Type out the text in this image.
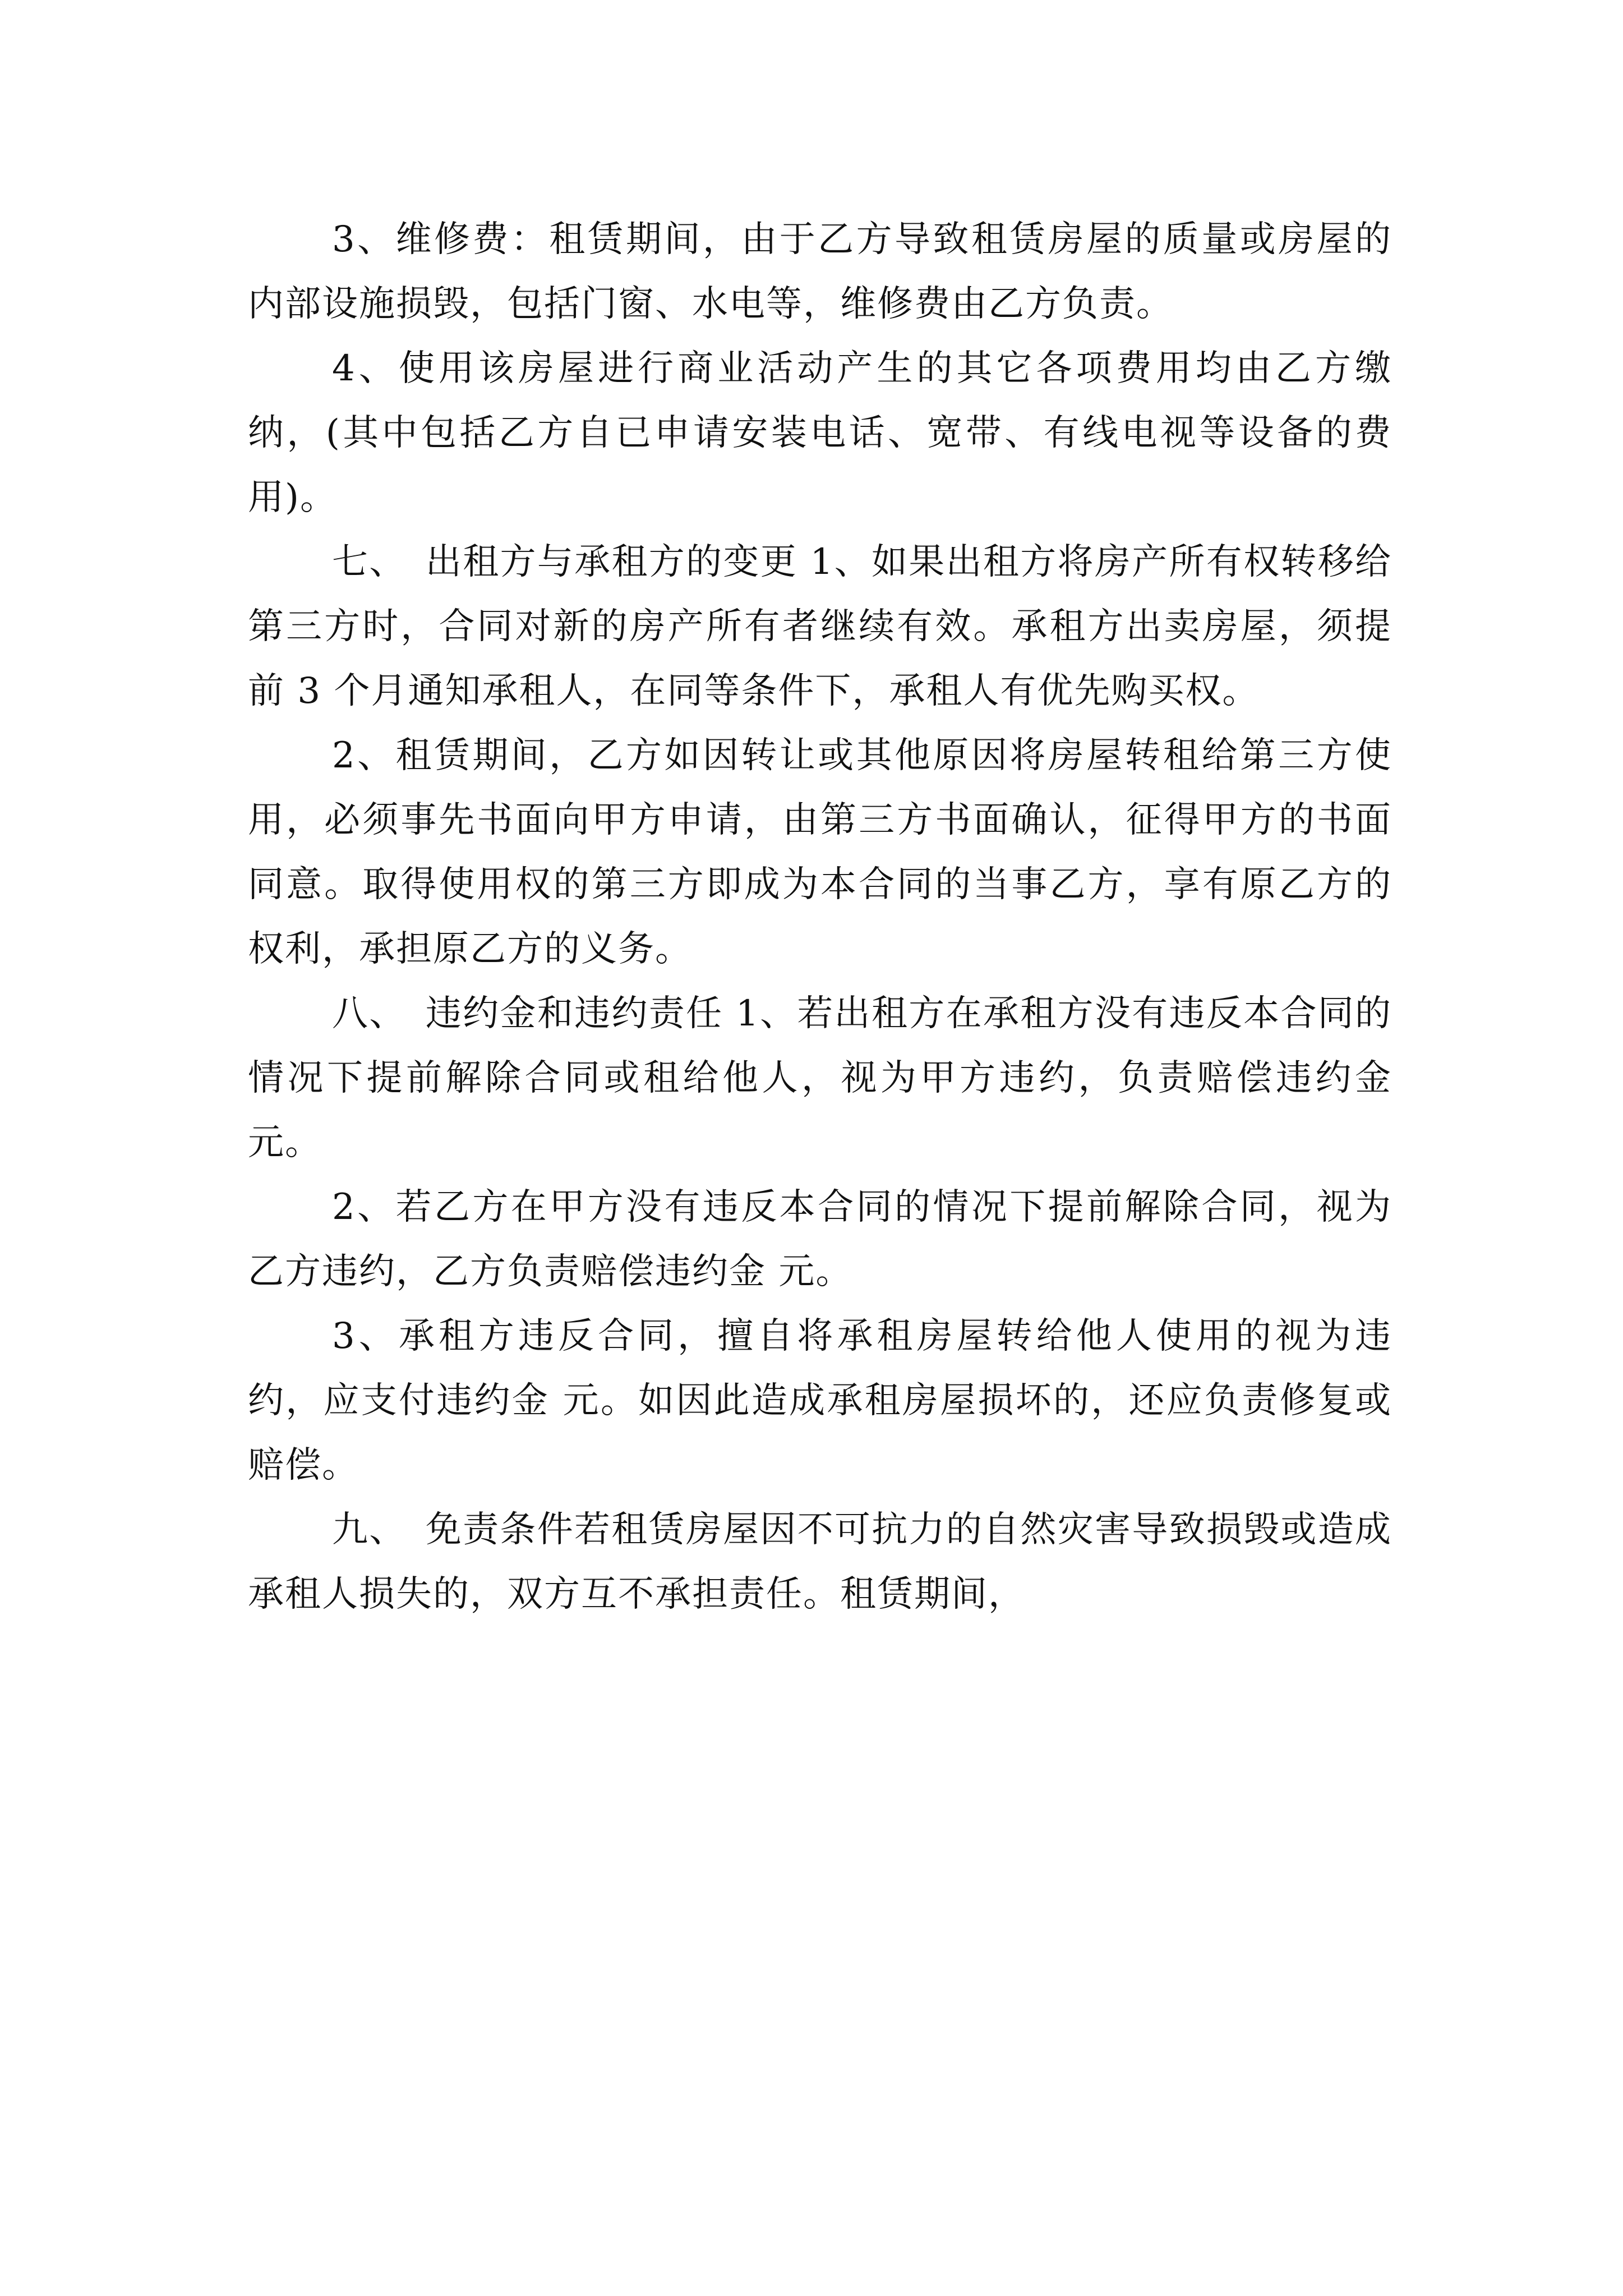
3、维修费：租赁期间，由于乙方导致租赁房屋的质量或房屋的内部设施损毁，包括门窗、水电等，维修费由乙方负责。

4、使用该房屋进行商业活动产生的其它各项费用均由乙方缴纳，(其中包括乙方自已申请安装电话、宽带、有线电视等设备的费用)。

七、　出租方与承租方的变更 1、如果出租方将房产所有权转移给第三方时，合同对新的房产所有者继续有效。承租方出卖房屋，须提前 3 个月通知承租人，在同等条件下，承租人有优先购买权。

2、租赁期间，乙方如因转让或其他原因将房屋转租给第三方使用，必须事先书面向甲方申请，由第三方书面确认，征得甲方的书面同意。取得使用权的第三方即成为本合同的当事乙方，享有原乙方的权利，承担原乙方的义务。

八、　违约金和违约责任 1、若出租方在承租方没有违反本合同的情况下提前解除合同或租给他人，视为甲方违约，负责赔偿违约金 元。

2、若乙方在甲方没有违反本合同的情况下提前解除合同，视为乙方违约，乙方负责赔偿违约金 元。

3、承租方违反合同，擅自将承租房屋转给他人使用的视为违约，应支付违约金 元。如因此造成承租房屋损坏的，还应负责修复或赔偿。

九、　免责条件若租赁房屋因不可抗力的自然灾害导致损毁或造成承租人损失的，双方互不承担责任。租赁期间，
